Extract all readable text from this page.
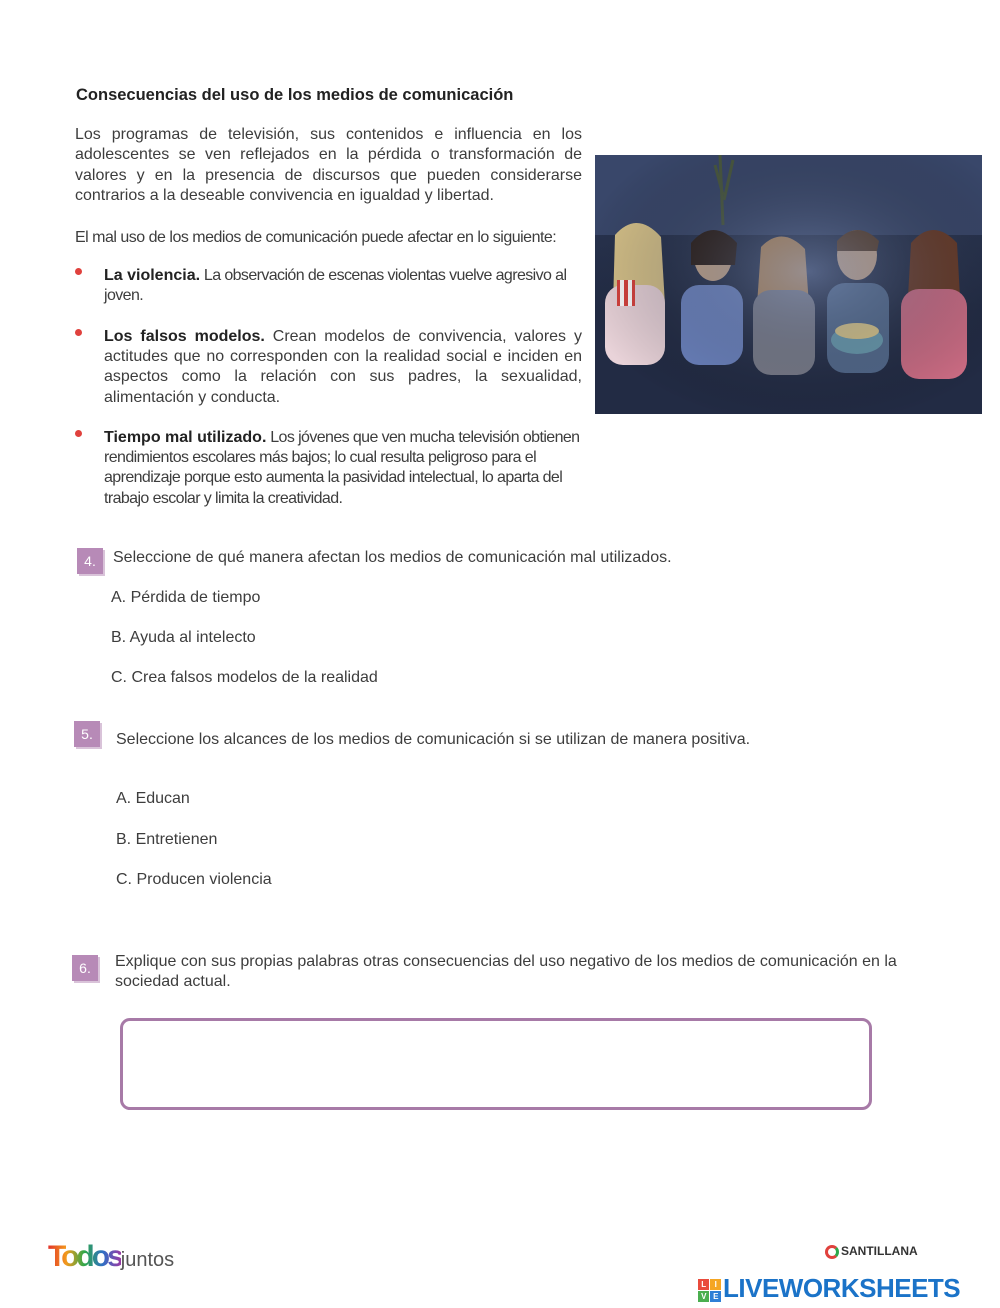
Consecuencias del uso de los medios de comunicación
Los programas de televisión, sus contenidos e influencia en los adolescentes se ven reflejados en la pérdida o transformación de valores y en la presencia de discursos que pueden considerarse contrarios a la deseable convivencia en igualdad y libertad.
El mal uso de los medios de comunicación puede afectar en lo siguiente:
La violencia. La observación de escenas violentas vuelve agresivo al joven.
Los falsos modelos. Crean modelos de convivencia, valores y actitudes que no corresponden con la realidad social e inciden en aspectos como la relación con sus padres, la sexualidad, alimentación y conducta.
Tiempo mal utilizado. Los jóvenes que ven mucha televisión obtienen rendimientos escolares más bajos; lo cual resulta peligroso para el aprendizaje porque esto aumenta la pasividad intelectual, lo aparta del trabajo escolar y limita la creatividad.
4.	Seleccione de qué manera afectan los medios de comunicación mal utilizados.
A. Pérdida de tiempo
B. Ayuda al intelecto
C. Crea falsos modelos de la realidad
5.	Seleccione los alcances de los medios de comunicación si se utilizan de manera positiva.
A. Educan
B. Entretienen
C. Producen violencia
6.	Explique con sus propias palabras otras consecuencias del uso negativo de los medios de comunicación en la sociedad actual.
Todosjuntos	SANTILLANA
L	I
V E LIVEWORKSHEETS
